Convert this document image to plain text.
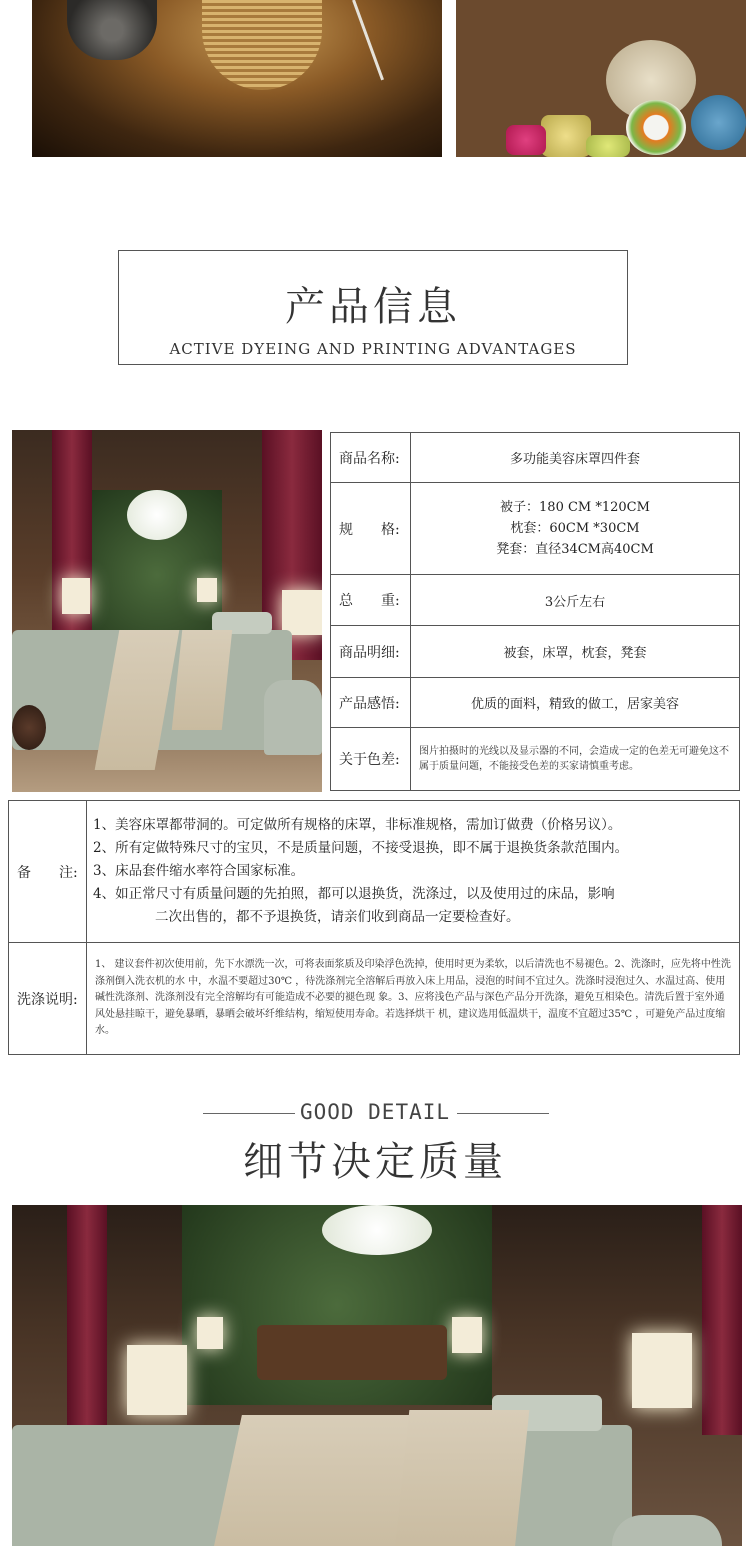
产品信息
ACTIVE DYEING AND PRINTING ADVANTAGES
商品名称:	多功能美容床罩四件套
规　　格:	被子：180 CM *120CM
枕套：60CM *30CM
凳套：直径34CM高40CM

总　　重:	3公斤左右
商品明细:	被套，床罩，枕套，凳套
产品感悟:	优质的面料，精致的做工，居家美容
关于色差:	图片拍摄时的光线以及显示器的不同，会造成一定的色差无可避免这不属于质量问题，不能接受色差的买家请慎重考虑。
备　　注:	1、美容床罩都带洞的。可定做所有规格的床罩，非标准规格，需加订做费（价格另议）。
2、所有定做特殊尺寸的宝贝，不是质量问题，不接受退换，即不属于退换货条款范围内。
3、床品套件缩水率符合国家标准。
4、如正常尺寸有质量问题的先拍照，都可以退换货，洗涤过，以及使用过的床品，影响
二次出售的，都不予退换货，请亲们收到商品一定要检查好。

洗涤说明:	1、 建议套件初次使用前，先下水漂洗一次，可将表面浆质及印染浮色洗掉，使用时更为柔软，以后清洗也不易褪色。2、洗涤时，应先将中性洗涤剂倒入洗衣机的水 中，水温不要超过30℃ ，待洗涤剂完全溶解后再放入床上用品，浸泡的时间不宜过久。洗涤时浸泡过久、水温过高、使用碱性洗涤剂、洗涤剂没有完全溶解均有可能造成不必要的褪色现 象。3、应将浅色产品与深色产品分开洗涤，避免互相染色。清洗后置于室外通风处悬挂晾干，避免暴晒，暴晒会破坏纤维结构，缩短使用寿命。若选择烘干 机，建议选用低温烘干，温度不宜超过35℃ ，可避免产品过度缩水。
GOOD DETAIL
细节决定质量
